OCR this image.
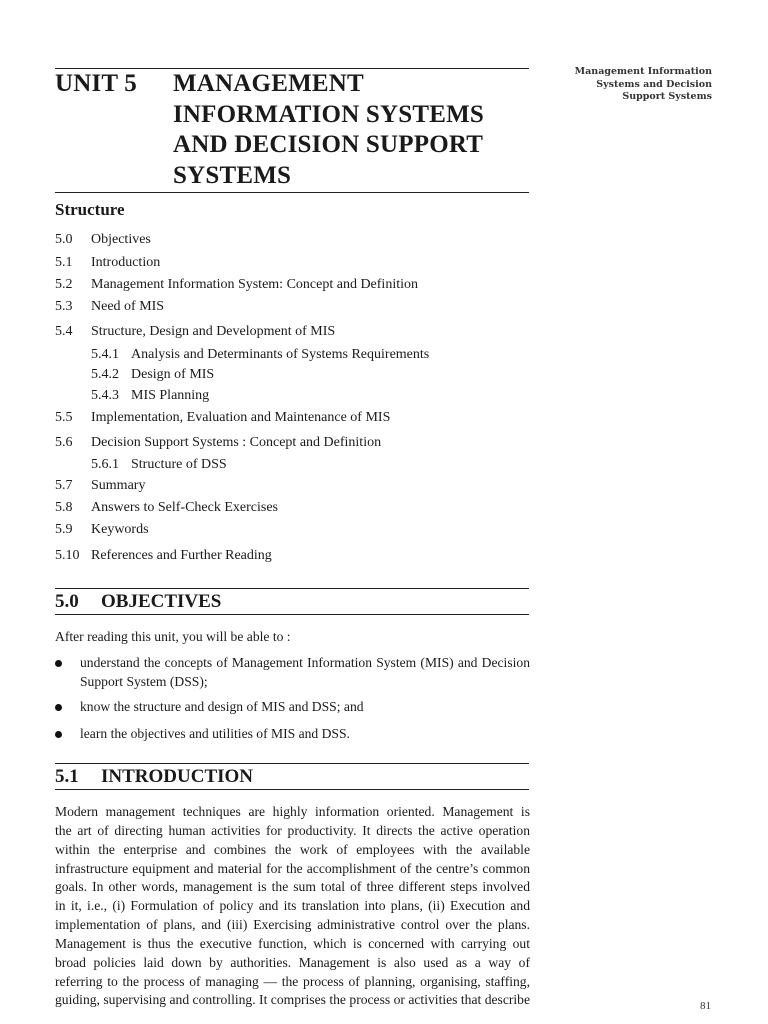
UNIT 5	MANAGEMENT
INFORMATION SYSTEMS
AND DECISION SUPPORT
SYSTEMS
Management Information
Systems and Decision
Support Systems
Structure
5.0 Objectives
5.1 Introduction
5.2 Management Information System: Concept and Definition
5.3 Need of MIS
5.4 Structure, Design and Development of MIS
5.4.1 Analysis and Determinants of Systems Requirements
5.4.2 Design of MIS
5.4.3 MIS Planning
5.5 Implementation, Evaluation and Maintenance of MIS
5.6 Decision Support Systems : Concept and Definition
5.6.1 Structure of DSS
5.7 Summary
5.8 Answers to Self-Check Exercises
5.9 Keywords
5.10 References and Further Reading
5.0 OBJECTIVES
After reading this unit, you will be able to :
understand the concepts of Management Information System (MIS) and Decision Support System (DSS);
know the structure and design of MIS and DSS; and
learn the objectives and utilities of MIS and DSS.
5.1 INTRODUCTION
Modern management techniques are highly information oriented. Management is
the art of directing human activities for productivity. It directs the active operation
within the enterprise and combines the work of employees with the available
infrastructure equipment and material for the accomplishment of the centre’s common
goals. In other words, management is the sum total of three different steps involved
in it, i.e., (i) Formulation of policy and its translation into plans, (ii) Execution and
implementation of plans, and (iii) Exercising administrative control over the plans.
Management is thus the executive function, which is concerned with carrying out
broad policies laid down by authorities. Management is also used as a way of
referring to the process of managing — the process of planning, organising, staffing,
guiding, supervising and controlling. It comprises the process or activities that describe	81
